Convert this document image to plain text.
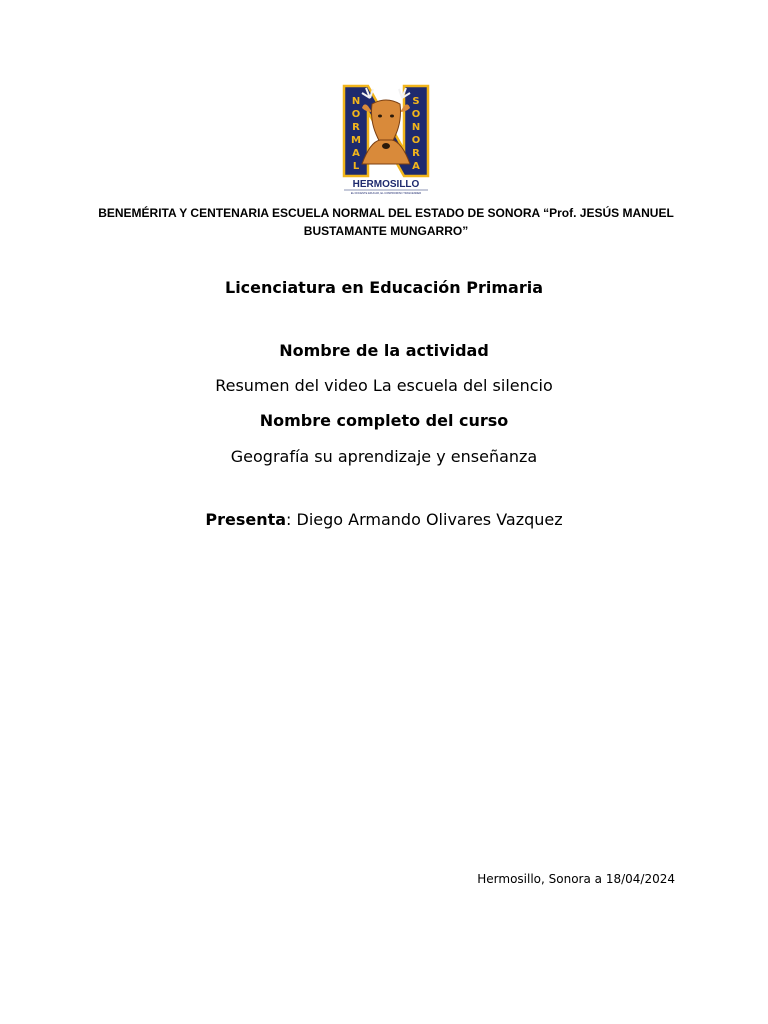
N
O
R
M
A
L
S
O
N
O
R
A
HERMOSILLO
EL DOCENTE EDUCAR, EL COMPROMISO TRASCENDER
BENEMÉRITA Y CENTENARIA ESCUELA NORMAL DEL ESTADO DE SONORA “Prof. JESÚS MANUEL BUSTAMANTE MUNGARRO”
Licenciatura en Educación Primaria
Nombre de la actividad
Resumen del video La escuela del silencio
Nombre completo del curso
Geografía su aprendizaje y enseñanza
Presenta: Diego Armando Olivares Vazquez
Hermosillo, Sonora a 18/04/2024
